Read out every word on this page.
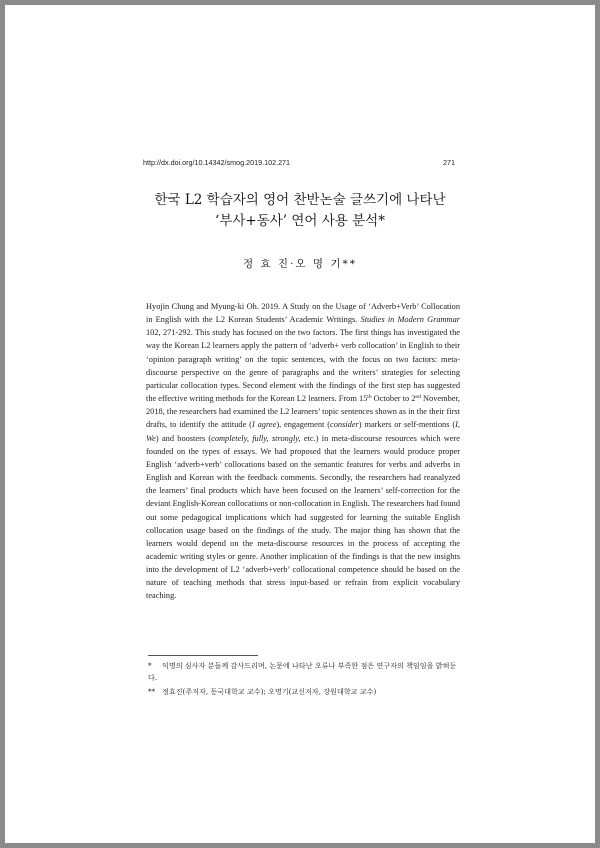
http://dx.doi.org/10.14342/smog.2019.102.271	271
한국 L2 학습자의 영어 찬반논술 글쓰기에 나타난
‘부사+동사’ 연어 사용 분석*
정 효 진·오 명 기**
Hyojin Chung and Myung-ki Oh. 2019. A Study on the Usage of ‘Adverb+Verb’ Collocation in English with the L2 Korean Students’ Academic Writings. Studies in Modern Grammar 102, 271-292. This study has focused on the two factors. The first things has investigated the way the Korean L2 learners apply the pattern of ‘adverb+ verb collocation’ in English to their ‘opinion paragraph writing’ on the topic sentences, with the focus on two factors: meta-discourse perspective on the genre of paragraphs and the writers’ strategies for selecting particular collocation types. Second element with the findings of the first step has suggested the effective writing methods for the Korean L2 learners. From 15th October to 2nd November, 2018, the researchers had examined the L2 learners’ topic sentences shown as in the their first drafts, to identify the attitude (I agree), engagement (consider) markers or self-mentions (I, We) and boosters (completely, fully, strongly, etc.) in meta-discourse resources which were founded on the types of essays. We had proposed that the learners would produce proper English ‘adverb+verb’ collocations based on the semantic features for verbs and adverbs in English and Korean with the feedback comments. Secondly, the researchers had reanalyzed the learners’ final products which have been focused on the learners’ self-correction for the deviant English-Korean collocations or non-collocation in English. The researchers had found out some pedagogical implications which had suggested for learning the suitable English collocation usage based on the findings of the study. The major thing has shown that the learners would depend on the meta-discourse resources in the process of accepting the academic writing styles or genre. Another implication of the findings is that the new insights into the development of L2 ‘adverb+verb’ collocational competence should be based on the nature of teaching methods that stress input-based or refrain from explicit vocabulary teaching.
* 익명의 심사자 분들께 감사드리며, 논문에 나타난 오류나 부족한 점은 연구자의 책임임을 밝혀둔다.
** 정효진(주저자, 동국대학교 교수); 오명기(교신저자, 강원대학교 교수)
